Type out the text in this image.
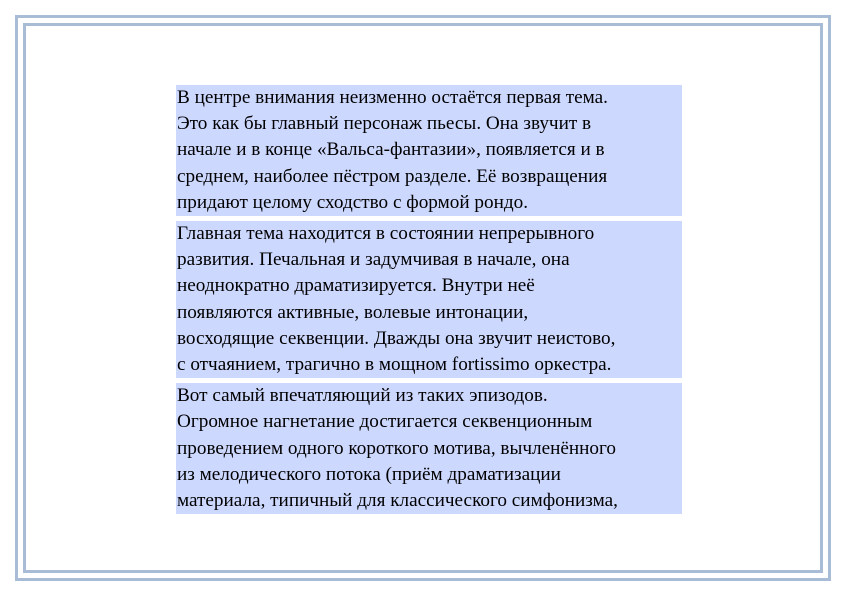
В центре внимания неизменно остаётся первая тема.
Это как бы главный персонаж пьесы. Она звучит в
начале и в конце «Вальса-фантазии», появляется и в
среднем, наиболее пёстром разделе. Её возвращения
придают целому сходство с формой рондо.

Главная тема находится в состоянии непрерывного
развития. Печальная и задумчивая в начале, она
неоднократно драматизируется. Внутри неё
появляются активные, волевые интонации,
восходящие секвенции. Дважды она звучит неистово,
с отчаянием, трагично в мощном fortissimo оркестра.

Вот самый впечатляющий из таких эпизодов.
Огромное нагнетание достигается секвенционным
проведением одного короткого мотива, вычленённого
из мелодического потока (приём драматизации
материала, типичный для классического симфонизма,
